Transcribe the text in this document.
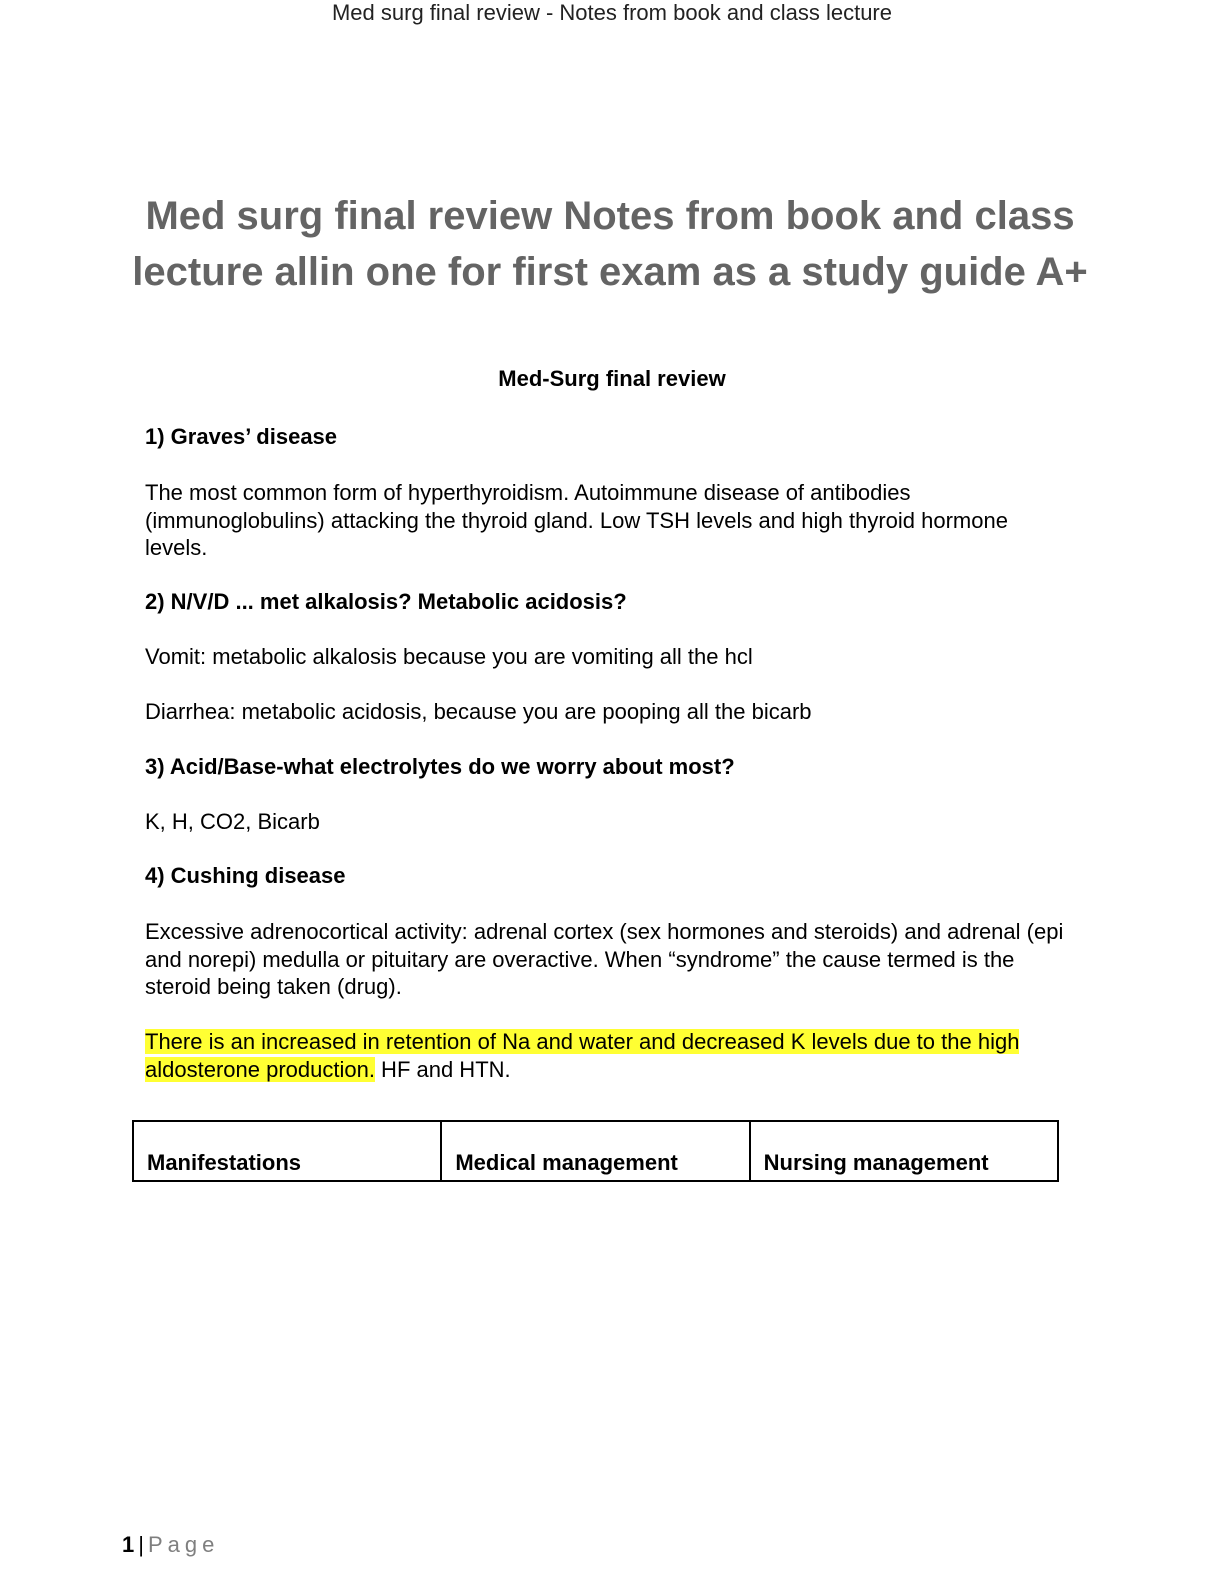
Med surg final review - Notes from book and class lecture
Med surg final review Notes from book and class lecture allin one for first exam as a study guide A+
Med-Surg final review
1) Graves’ disease

The most common form of hyperthyroidism. Autoimmune disease of antibodies (immunoglobulins) attacking the thyroid gland. Low TSH levels and high thyroid hormone levels.

2) N/V/D ... met alkalosis? Metabolic acidosis?

Vomit: metabolic alkalosis because you are vomiting all the hcl

Diarrhea: metabolic acidosis, because you are pooping all the bicarb

3) Acid/Base-what electrolytes do we worry about most?

K, H, CO2, Bicarb

4) Cushing disease

Excessive adrenocortical activity: adrenal cortex (sex hormones and steroids) and adrenal (epi and norepi) medulla or pituitary are overactive. When “syndrome” the cause termed is the steroid being taken (drug).

There is an increased in retention of Na and water and decreased K levels due to the high aldosterone production. HF and HTN.

Manifestations	Medical management	Nursing management
1 | Page
